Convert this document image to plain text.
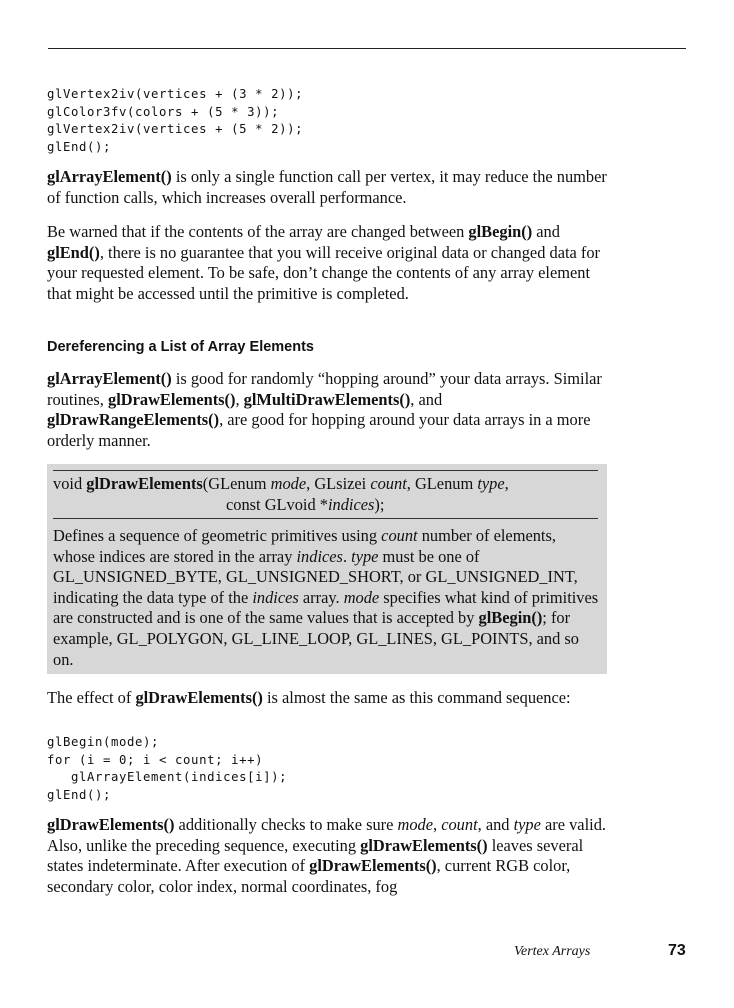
glVertex2iv(vertices + (3 * 2));
glColor3fv(colors + (5 * 3));
glVertex2iv(vertices + (5 * 2));
glEnd();

glArrayElement() is only a single function call per vertex, it may reduce the number of function calls, which increases overall performance.

Be warned that if the contents of the array are changed between glBegin() and glEnd(), there is no guarantee that you will receive original data or changed data for your requested element. To be safe, don’t change the contents of any array element that might be accessed until the primitive is completed.

Dereferencing a List of Array Elements

glArrayElement() is good for randomly “hopping around” your data arrays. Similar routines, glDrawElements(), glMultiDrawElements(), and glDrawRangeElements(), are good for hopping around your data arrays in a more orderly manner.

void glDrawElements(GLenum mode, GLsizei count, GLenum type,
const GLvoid *indices);

Defines a sequence of geometric primitives using count number of elements, whose indices are stored in the array indices. type must be one of GL_UNSIGNED_BYTE, GL_UNSIGNED_SHORT, or GL_UNSIGNED_INT, indicating the data type of the indices array. mode specifies what kind of primitives are constructed and is one of the same values that is accepted by glBegin(); for example, GL_POLYGON, GL_LINE_LOOP, GL_LINES, GL_POINTS, and so on.

The effect of glDrawElements() is almost the same as this command sequence:

glBegin(mode);
for (i = 0; i < count; i++)
glArrayElement(indices[i]);
glEnd();

glDrawElements() additionally checks to make sure mode, count, and type are valid. Also, unlike the preceding sequence, executing glDrawElements() leaves several states indeterminate. After execution of glDrawElements(), current RGB color, secondary color, color index, normal coordinates, fog

Vertex Arrays	73
